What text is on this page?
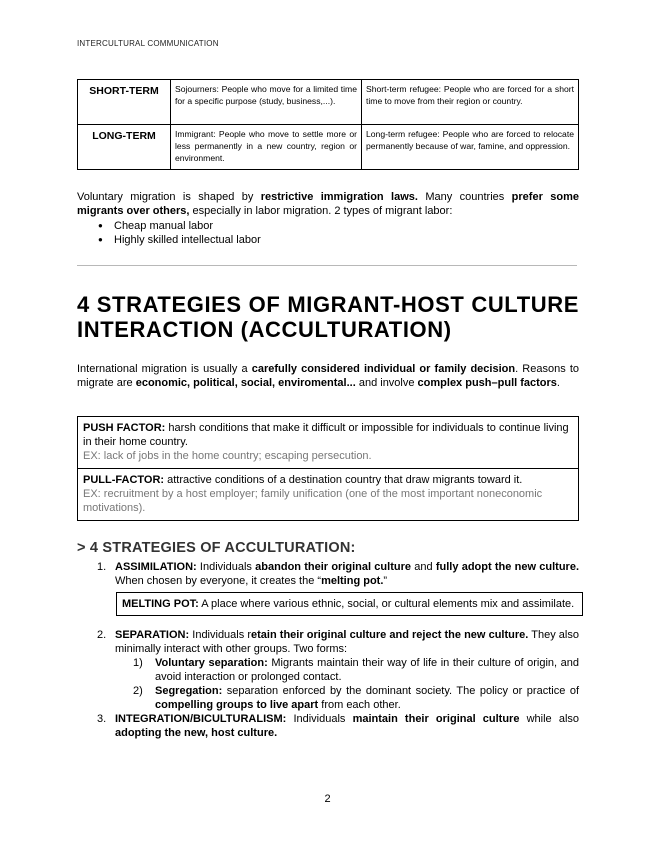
INTERCULTURAL COMMUNICATION
SHORT-TERM	Sojourners: People who move for a limited time for a specific purpose (study, business,...).	Short-term refugee: People who are forced for a short time to move from their region or country.
LONG-TERM	Immigrant: People who move to settle more or less permanently in a new country, region or environment.	Long-term refugee: People who are forced to relocate permanently because of war, famine, and oppression.
Voluntary migration is shaped by restrictive immigration laws. Many countries prefer some migrants over others, especially in labor migration. 2 types of migrant labor:
● Cheap manual labor
● Highly skilled intellectual labor
4 STRATEGIES OF MIGRANT-HOST CULTURE INTERACTION (ACCULTURATION)
International migration is usually a carefully considered individual or family decision. Reasons to migrate are economic, political, social, enviromental... and involve complex push–pull factors.
PUSH FACTOR: harsh conditions that make it difficult or impossible for individuals to continue living in their home country.
EX: lack of jobs in the home country; escaping persecution.
PULL-FACTOR: attractive conditions of a destination country that draw migrants toward it.
EX: recruitment by a host employer; family unification (one of the most important noneconomic motivations).
> 4 STRATEGIES OF ACCULTURATION:
1. ASSIMILATION: Individuals abandon their original culture and fully adopt the new culture. When chosen by everyone, it creates the “melting pot.”
MELTING POT: A place where various ethnic, social, or cultural elements mix and assimilate.
2. SEPARATION: Individuals retain their original culture and reject the new culture. They also minimally interact with other groups. Two forms:
1) Voluntary separation: Migrants maintain their way of life in their culture of origin, and avoid interaction or prolonged contact.
2) Segregation: separation enforced by the dominant society. The policy or practice of compelling groups to live apart from each other.
3. INTEGRATION/BICULTURALISM: Individuals maintain their original culture while also adopting the new, host culture.
2
